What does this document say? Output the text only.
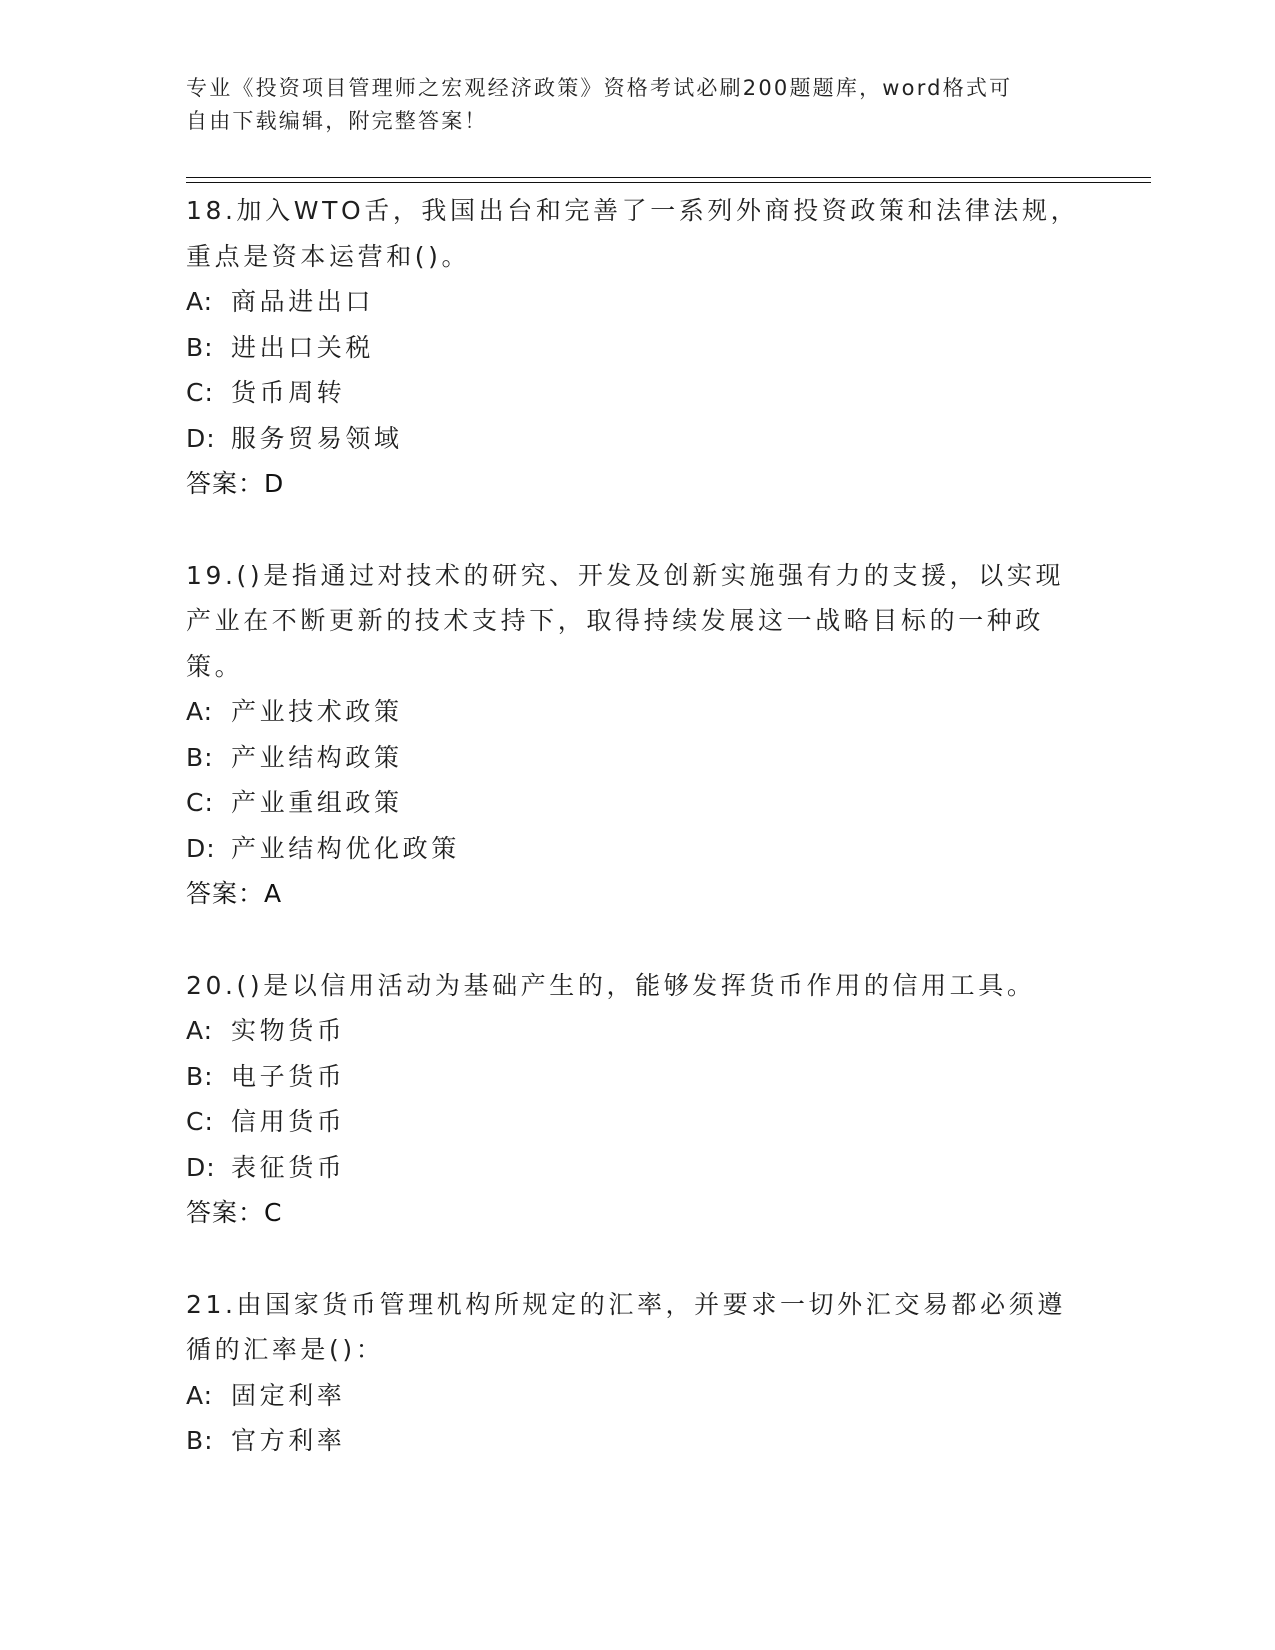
专业《投资项目管理师之宏观经济政策》资格考试必刷200题题库，word格式可
自由下载编辑，附完整答案！
18.加入WTO舌，我国出台和完善了一系列外商投资政策和法律法规，
重点是资本运营和()。
A: 商品进出口
B: 进出口关税
C: 货币周转
D: 服务贸易领域
答案：D
19.()是指通过对技术的研究、开发及创新实施强有力的支援，以实现
产业在不断更新的技术支持下，取得持续发展这一战略目标的一种政
策。
A: 产业技术政策
B: 产业结构政策
C: 产业重组政策
D: 产业结构优化政策
答案：A
20.()是以信用活动为基础产生的，能够发挥货币作用的信用工具。
A: 实物货币
B: 电子货币
C: 信用货币
D: 表征货币
答案：C
21.由国家货币管理机构所规定的汇率，并要求一切外汇交易都必须遵
循的汇率是()：
A: 固定利率
B: 官方利率
